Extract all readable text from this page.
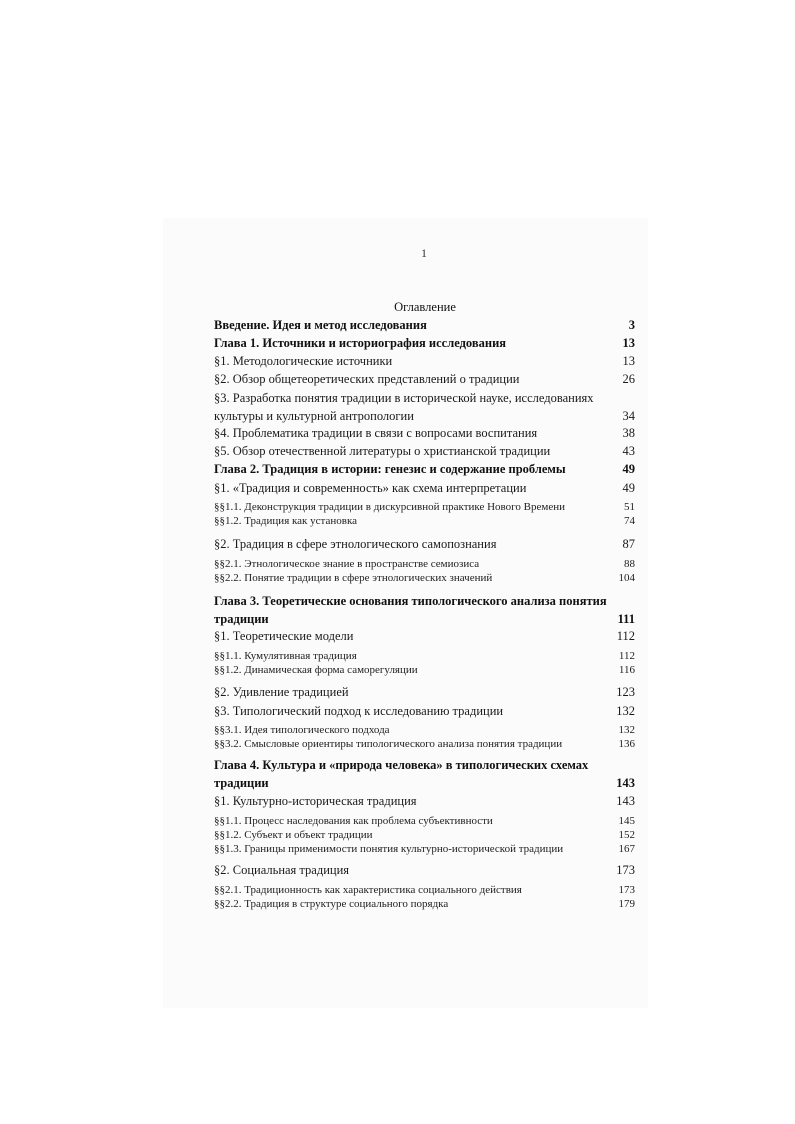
1
Оглавление
Введение. Идея и метод исследования	3
Глава 1. Источники и историография исследования	13
§1. Методологические источники	13
§2. Обзор общетеоретических представлений о традиции	26
§3. Разработка понятия традиции в исторической науке, исследованиях
культуры и культурной антропологии	34
§4. Проблематика традиции в связи с вопросами воспитания	38
§5. Обзор отечественной литературы о христианской традиции	43
Глава 2. Традиция в истории: генезис и содержание проблемы	49
§1. «Традиция и современность» как схема интерпретации	49
§§1.1. Деконструкция традиции в дискурсивной практике Нового Времени	51
§§1.2. Традиция как установка	74
§2. Традиция в сфере этнологического самопознания	87
§§2.1. Этнологическое знание в пространстве семиозиса	88
§§2.2. Понятие традиции в сфере этнологических значений	104
Глава 3. Теоретические основания типологического анализа понятия
традиции	111
§1. Теоретические модели	112
§§1.1. Кумулятивная традиция	112
§§1.2. Динамическая форма саморегуляции	116
§2. Удивление традицией	123
§3. Типологический подход к исследованию традиции	132
§§3.1. Идея типологического подхода	132
§§3.2. Смысловые ориентиры типологического анализа понятия традиции	136
Глава 4. Культура и «природа человека» в типологических схемах
традиции	143
§1. Культурно-историческая традиция	143
§§1.1. Процесс наследования как проблема субъективности	145
§§1.2. Субъект и объект традиции	152
§§1.3. Границы применимости понятия культурно-исторической традиции	167
§2. Социальная традиция	173
§§2.1. Традиционность как характеристика социального действия	173
§§2.2. Традиция в структуре социального порядка	179
